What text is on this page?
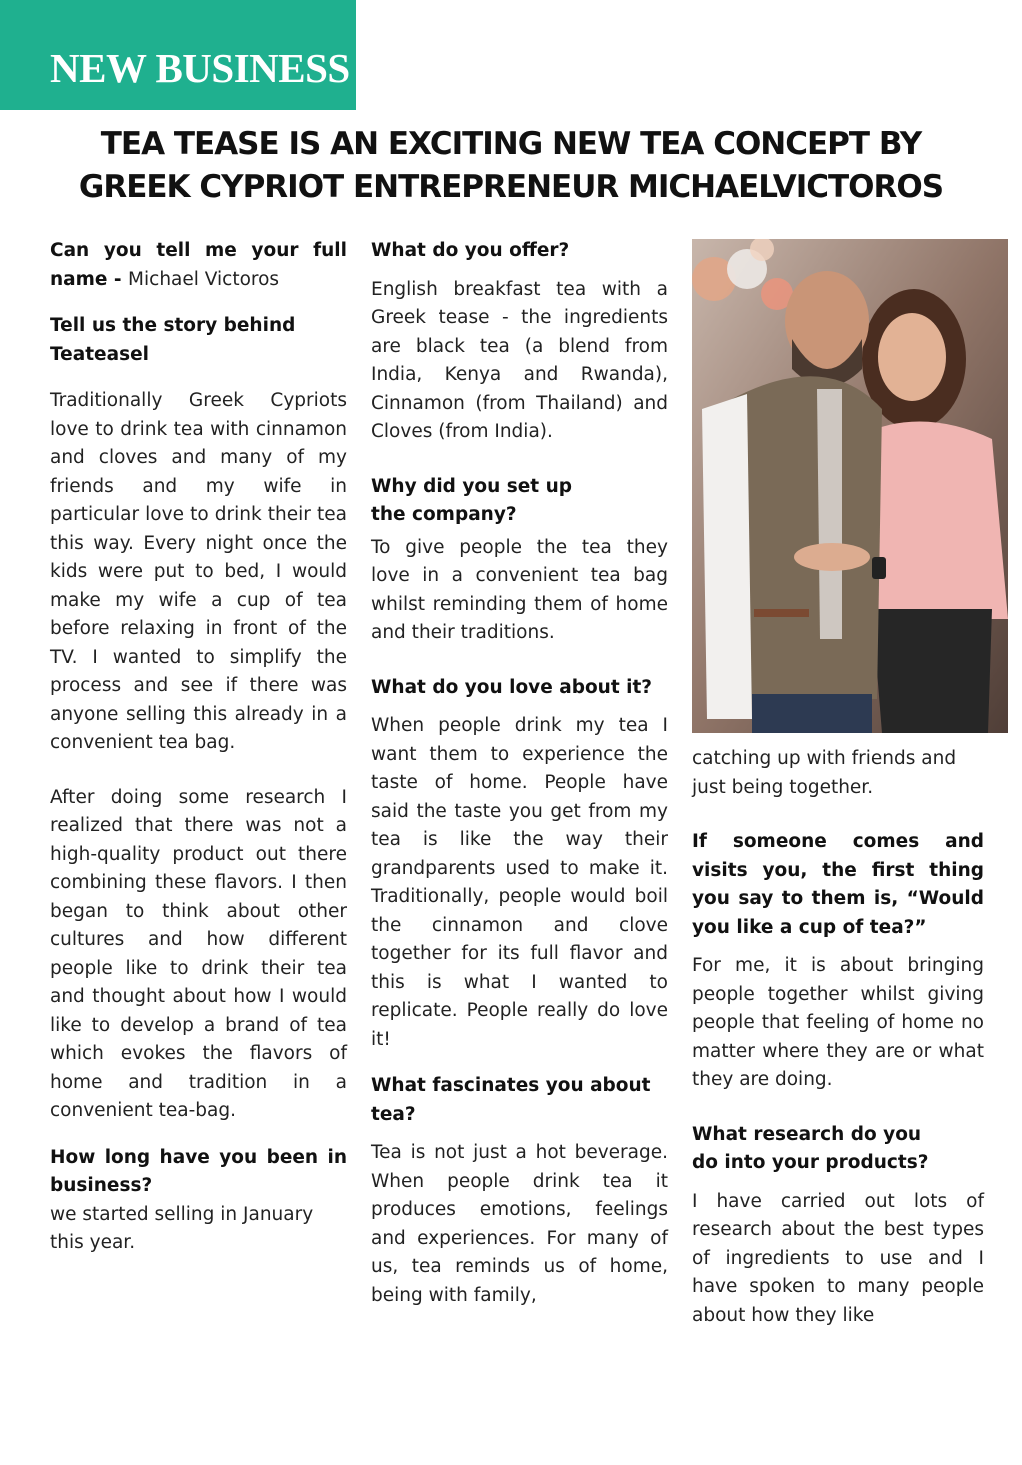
NEW BUSINESS
TEA TEASE IS AN EXCITING NEW TEA CONCEPT BY
GREEK CYPRIOT ENTREPRENEUR MICHAELVICTOROS

Can you tell me your full name - Michael Victoros

Tell us the story behind Teateasel

Traditionally Greek Cypriots love to drink tea with cinnamon and cloves and many of my friends and my wife in particular love to drink their tea this way. Every night once the kids were put to bed, I would make my wife a cup of tea before relaxing in front of the TV. I wanted to simplify the process and see if there was anyone selling this already in a convenient tea bag.

After doing some research I realized that there was not a high-quality product out there combining these flavors. I then began to think about other cultures and how different people like to drink their tea and thought about how I would like to develop a brand of tea which evokes the flavors of home and tradition in a convenient tea-bag.

How long have you been in business?

we started selling in January this year.

What do you offer?

English breakfast tea with a Greek tease - the ingredients are black tea (a blend from India, Kenya and Rwanda), Cinnamon (from Thailand) and Cloves (from India).

Why did you set up the company?

To give people the tea they love in a convenient tea bag whilst reminding them of home and their traditions.

What do you love about it?

When people drink my tea I want them to experience the taste of home. People have said the taste you get from my tea is like the way their grandparents used to make it. Traditionally, people would boil the cinnamon and clove together for its full flavor and this is what I wanted to replicate. People really do love it!

What fascinates you about tea?

Tea is not just a hot beverage. When people drink tea it produces emotions, feelings and experiences. For many of us, tea reminds us of home, being with family,

catching up with friends and just being together.

If someone comes and visits you, the first thing you say to them is, “Would you like a cup of tea?”

For me, it is about bringing people together whilst giving people that feeling of home no matter where they are or what they are doing.

What research do you do into your products?

I have carried out lots of research about the best types of ingredients to use and I have spoken to many people about how they like
